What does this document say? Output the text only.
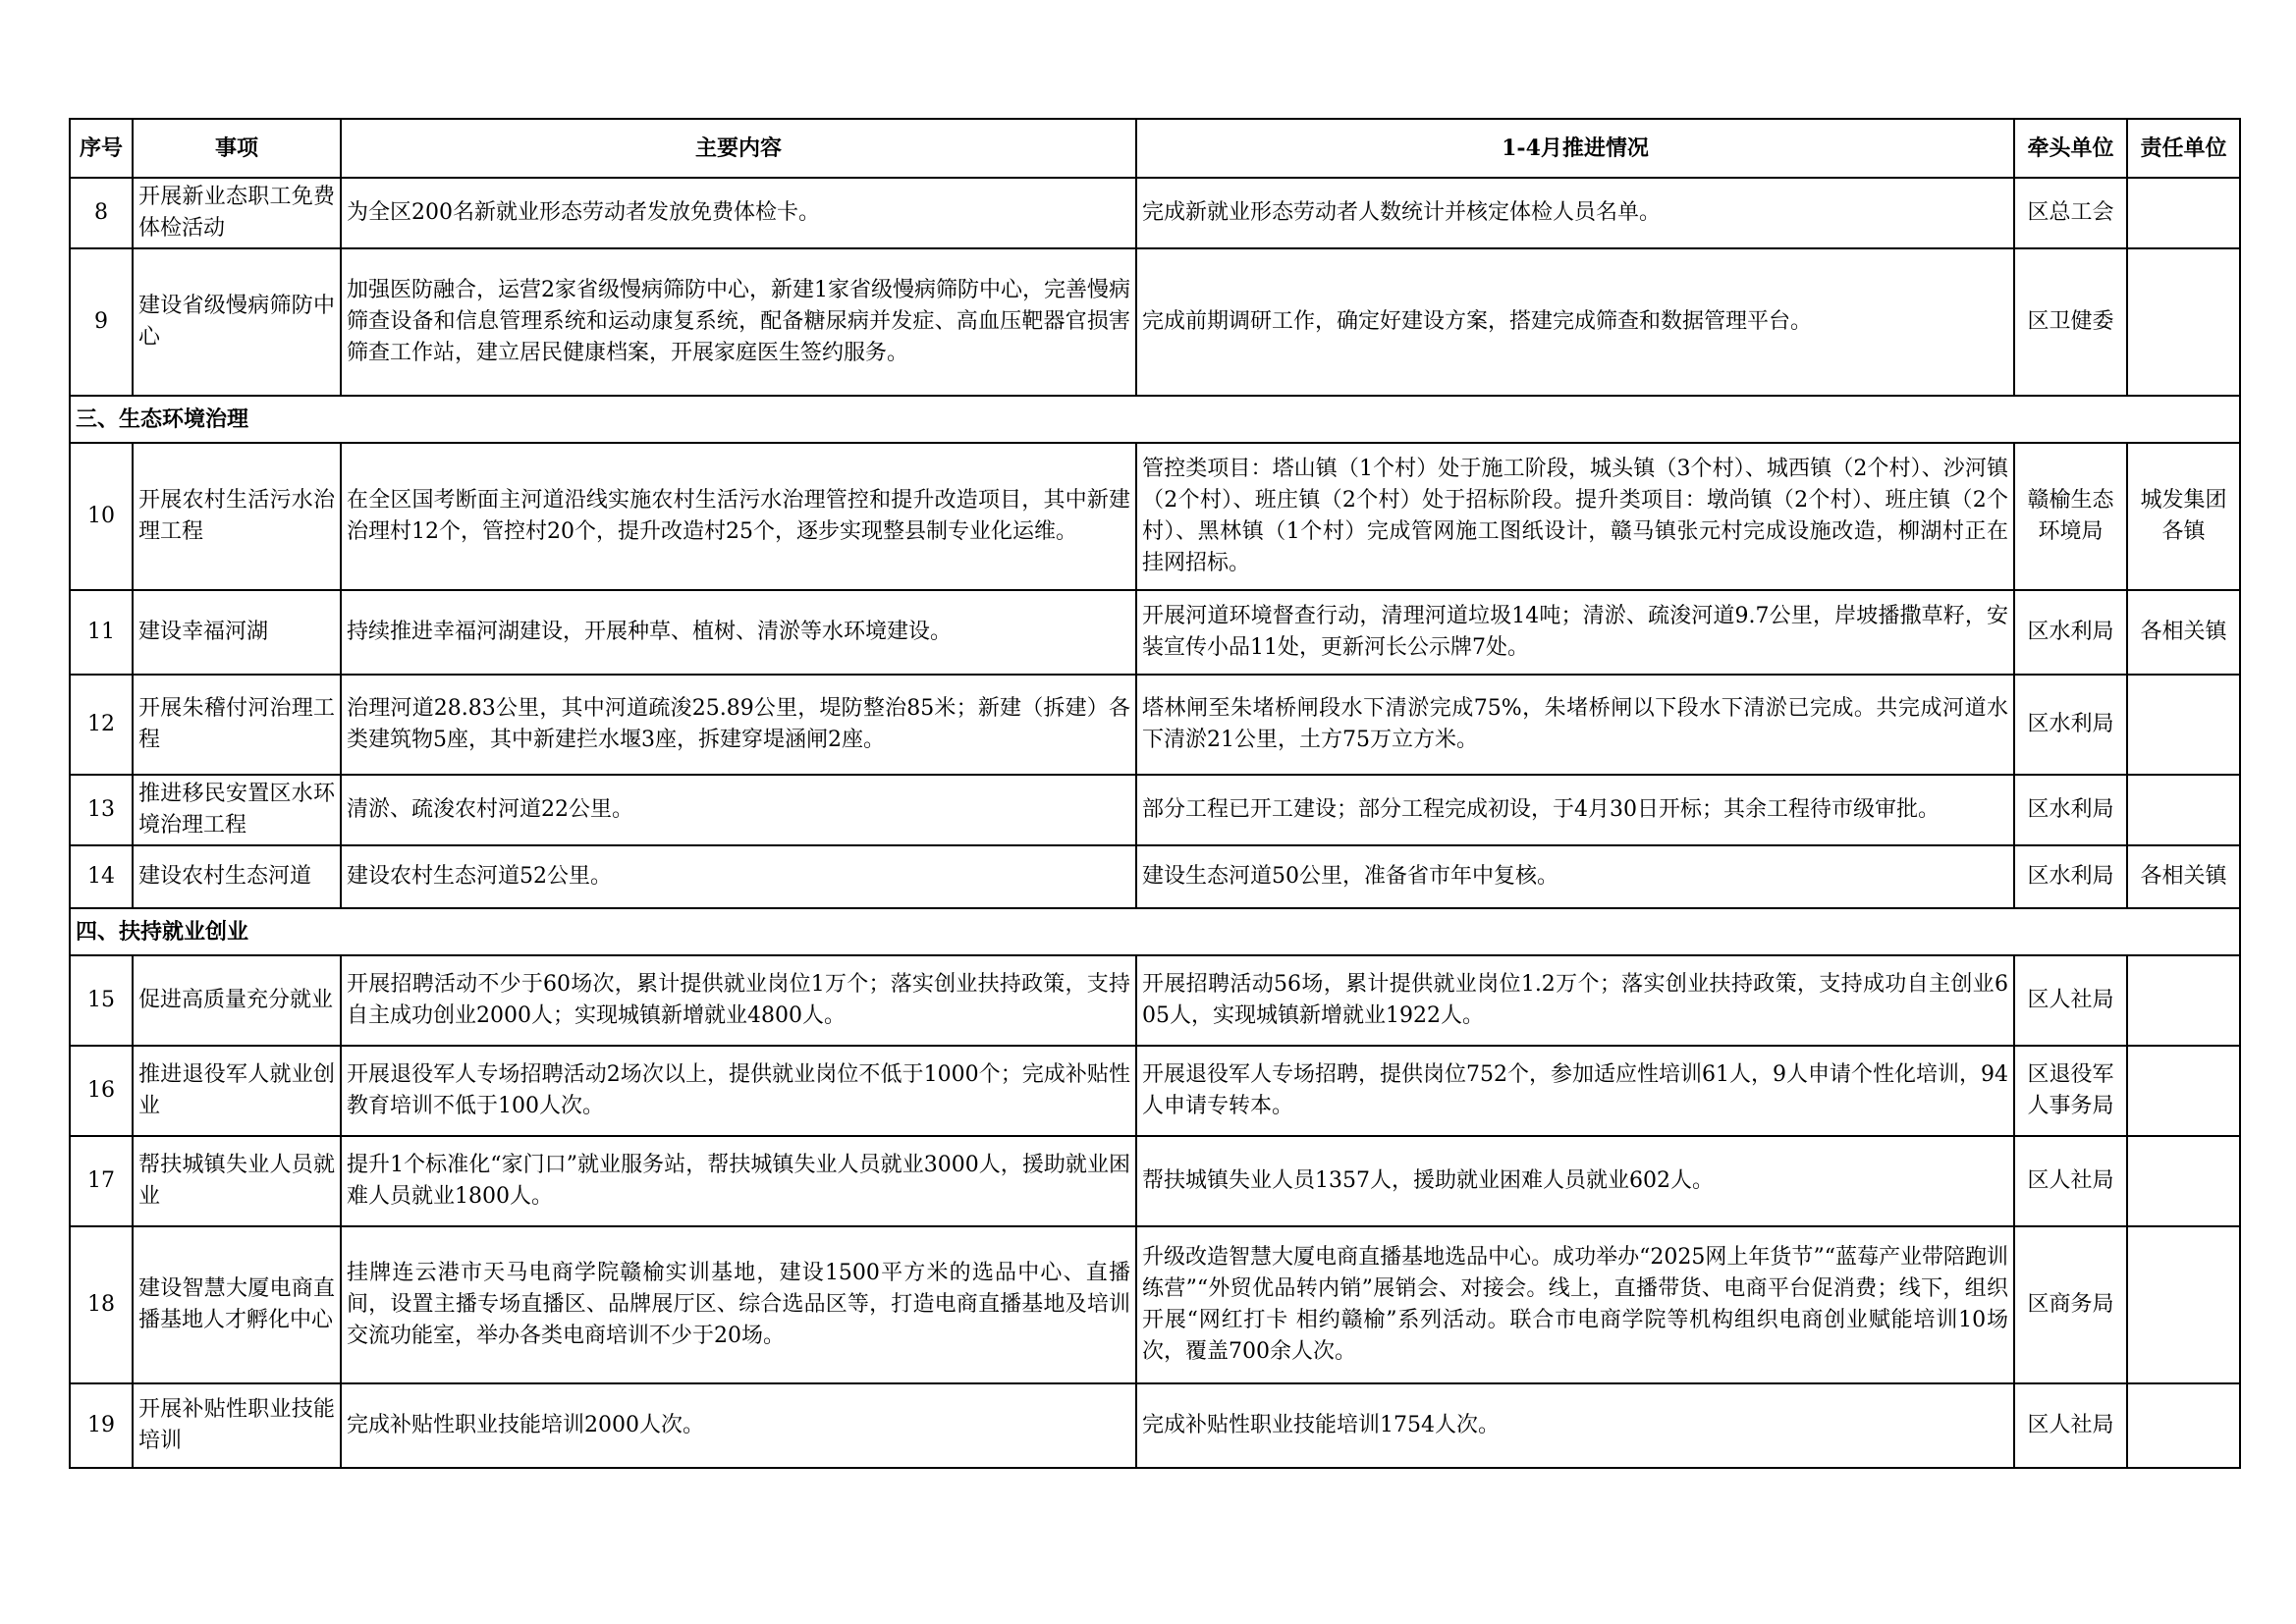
序号	事项	主要内容	1-4月推进情况	牵头单位	责任单位
8	开展新业态职工免费体检活动	为全区200名新就业形态劳动者发放免费体检卡。	完成新就业形态劳动者人数统计并核定体检人员名单。	区总工会	
9	建设省级慢病筛防中心	加强医防融合，运营2家省级慢病筛防中心，新建1家省级慢病筛防中心，完善慢病筛查设备和信息管理系统和运动康复系统，配备糖尿病并发症、高血压靶器官损害筛查工作站，建立居民健康档案，开展家庭医生签约服务。	完成前期调研工作，确定好建设方案，搭建完成筛查和数据管理平台。	区卫健委	
三、生态环境治理					
10	开展农村生活污水治理工程	在全区国考断面主河道沿线实施农村生活污水治理管控和提升改造项目，其中新建治理村12个，管控村20个，提升改造村25个，逐步实现整县制专业化运维。	管控类项目：塔山镇（1个村）处于施工阶段，城头镇（3个村）、城西镇（2个村）、沙河镇（2个村）、班庄镇（2个村）处于招标阶段。提升类项目：墩尚镇（2个村）、班庄镇（2个村）、黑林镇（1个村）完成管网施工图纸设计，赣马镇张元村完成设施改造，柳湖村正在挂网招标。	赣榆生态环境局	城发集团各镇
11	建设幸福河湖	持续推进幸福河湖建设，开展种草、植树、清淤等水环境建设。	开展河道环境督查行动，清理河道垃圾14吨；清淤、疏浚河道9.7公里，岸坡播撒草籽，安装宣传小品11处，更新河长公示牌7处。	区水利局	各相关镇
12	开展朱稽付河治理工程	治理河道28.83公里，其中河道疏浚25.89公里，堤防整治85米；新建（拆建）各类建筑物5座，其中新建拦水堰3座，拆建穿堤涵闸2座。	塔林闸至朱堵桥闸段水下清淤完成75%，朱堵桥闸以下段水下清淤已完成。共完成河道水下清淤21公里，土方75万立方米。	区水利局	
13	推进移民安置区水环境治理工程	清淤、疏浚农村河道22公里。	部分工程已开工建设；部分工程完成初设，于4月30日开标；其余工程待市级审批。	区水利局	
14	建设农村生态河道	建设农村生态河道52公里。	建设生态河道50公里，准备省市年中复核。	区水利局	各相关镇
四、扶持就业创业					
15	促进高质量充分就业	开展招聘活动不少于60场次，累计提供就业岗位1万个；落实创业扶持政策，支持自主成功创业2000人；实现城镇新增就业4800人。	开展招聘活动56场，累计提供就业岗位1.2万个；落实创业扶持政策，支持成功自主创业605人，实现城镇新增就业1922人。	区人社局	
16	推进退役军人就业创业	开展退役军人专场招聘活动2场次以上，提供就业岗位不低于1000个；完成补贴性教育培训不低于100人次。	开展退役军人专场招聘，提供岗位752个，参加适应性培训61人，9人申请个性化培训，94人申请专转本。	区退役军人事务局	
17	帮扶城镇失业人员就业	提升1个标准化“家门口”就业服务站，帮扶城镇失业人员就业3000人，援助就业困难人员就业1800人。	帮扶城镇失业人员1357人，援助就业困难人员就业602人。	区人社局	
18	建设智慧大厦电商直播基地人才孵化中心	挂牌连云港市天马电商学院赣榆实训基地，建设1500平方米的选品中心、直播间，设置主播专场直播区、品牌展厅区、综合选品区等，打造电商直播基地及培训交流功能室，举办各类电商培训不少于20场。	升级改造智慧大厦电商直播基地选品中心。成功举办“2025网上年货节”“蓝莓产业带陪跑训练营”“外贸优品转内销”展销会、对接会。线上，直播带货、电商平台促消费；线下，组织开展“网红打卡 相约赣榆”系列活动。联合市电商学院等机构组织电商创业赋能培训10场次，覆盖700余人次。	区商务局	
19	开展补贴性职业技能培训	完成补贴性职业技能培训2000人次。	完成补贴性职业技能培训1754人次。	区人社局	
